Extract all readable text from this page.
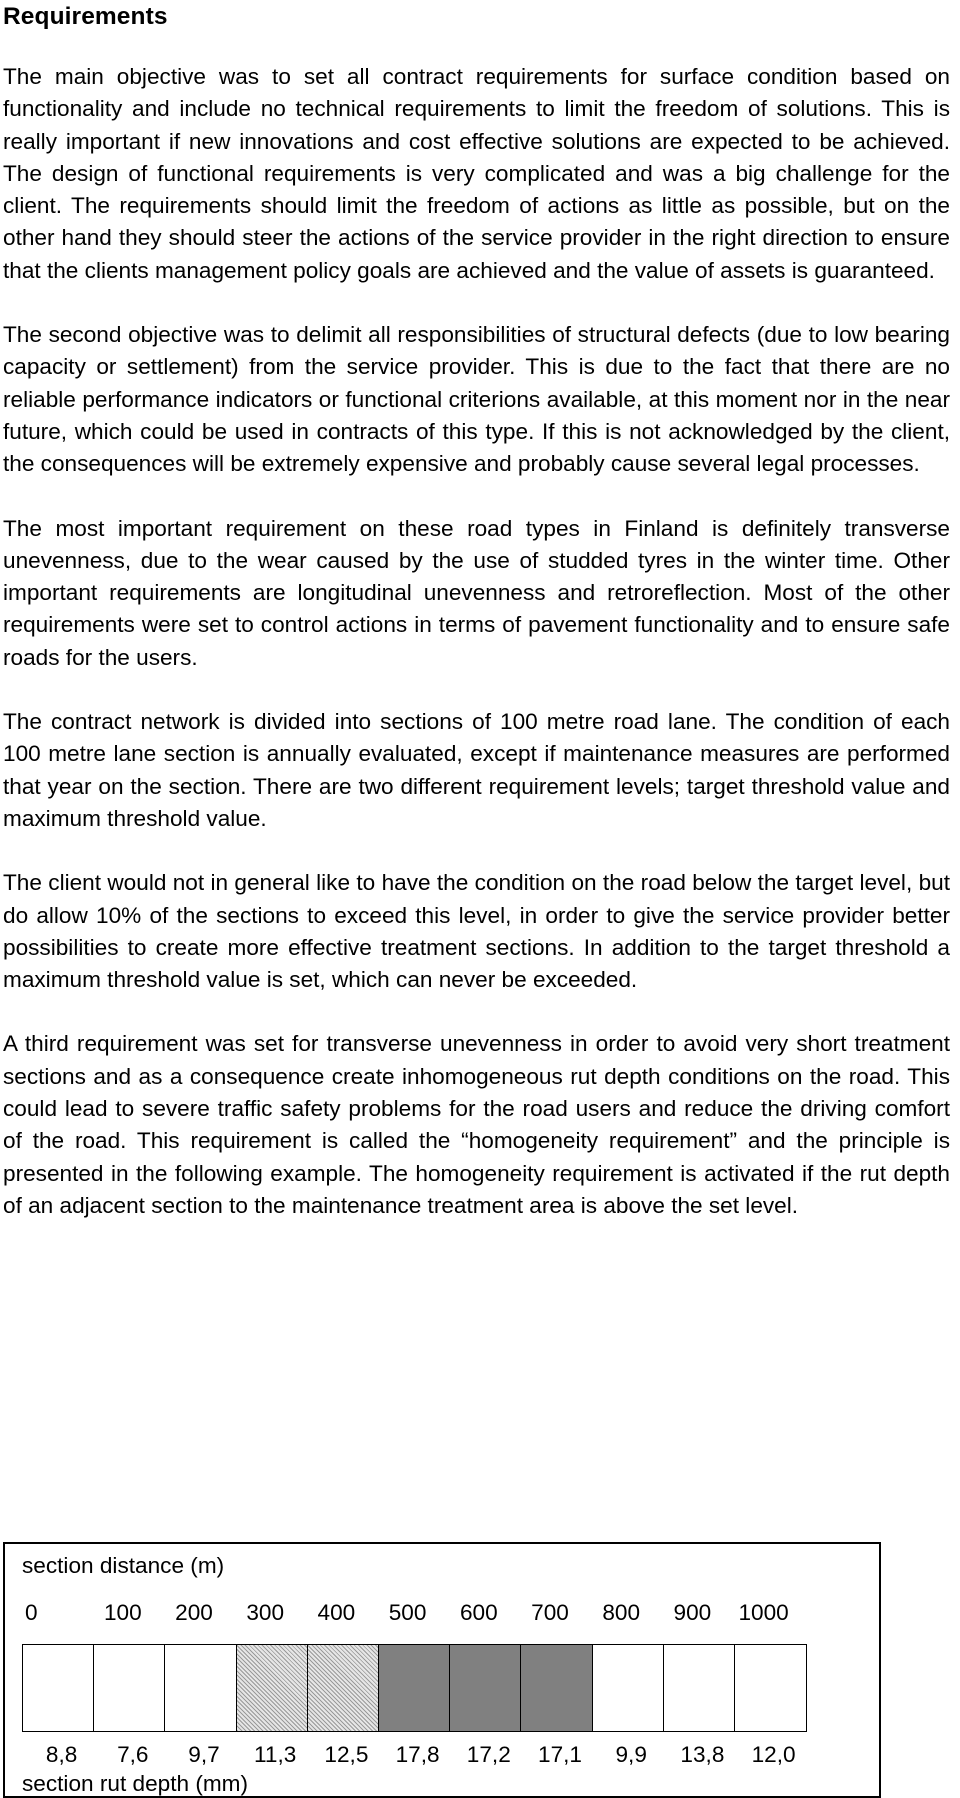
Requirements

The main objective was to set all contract requirements for surface condition based on functionality and include no technical requirements to limit the freedom of solutions. This is really important if new innovations and cost effective solutions are expected to be achieved. The design of functional requirements is very complicated and was a big challenge for the client. The requirements should limit the freedom of actions as little as possible, but on the other hand they should steer the actions of the service provider in the right direction to ensure that the clients management policy goals are achieved and the value of assets is guaranteed.

The second objective was to delimit all responsibilities of structural defects (due to low bearing capacity or settlement) from the service provider. This is due to the fact that there are no reliable performance indicators or functional criterions available, at this moment nor in the near future, which could be used in contracts of this type. If this is not acknowledged by the client, the consequences will be extremely expensive and probably cause several legal processes.

The most important requirement on these road types in Finland is definitely transverse unevenness, due to the wear caused by the use of studded tyres in the winter time. Other important requirements are longitudinal unevenness and retroreflection. Most of the other requirements were set to control actions in terms of pavement functionality and to ensure safe roads for the users.

The contract network is divided into sections of 100 metre road lane. The condition of each 100 metre lane section is annually evaluated, except if maintenance measures are performed that year on the section. There are two different requirement levels; target threshold value and maximum threshold value.

The client would not in general like to have the condition on the road below the target level, but do allow 10% of the sections to exceed this level, in order to give the service provider better possibilities to create more effective treatment sections. In addition to the target threshold a maximum threshold value is set, which can never be exceeded.

A third requirement was set for transverse unevenness in order to avoid very short treatment sections and as a consequence create inhomogeneous rut depth conditions on the road. This could lead to severe traffic safety problems for the road users and reduce the driving comfort of the road. This requirement is called the “homogeneity requirement” and the principle is presented in the following example. The homogeneity requirement is activated if the rut depth of an adjacent section to the maintenance treatment area is above the set level.

section distance (m)
0	100 200 300 400 500 600 700 800 900 1000
8,8 7,6 9,7 11,3 12,5 17,8 17,2 17,1 9,9 13,8 12,0
section rut depth (mm)
